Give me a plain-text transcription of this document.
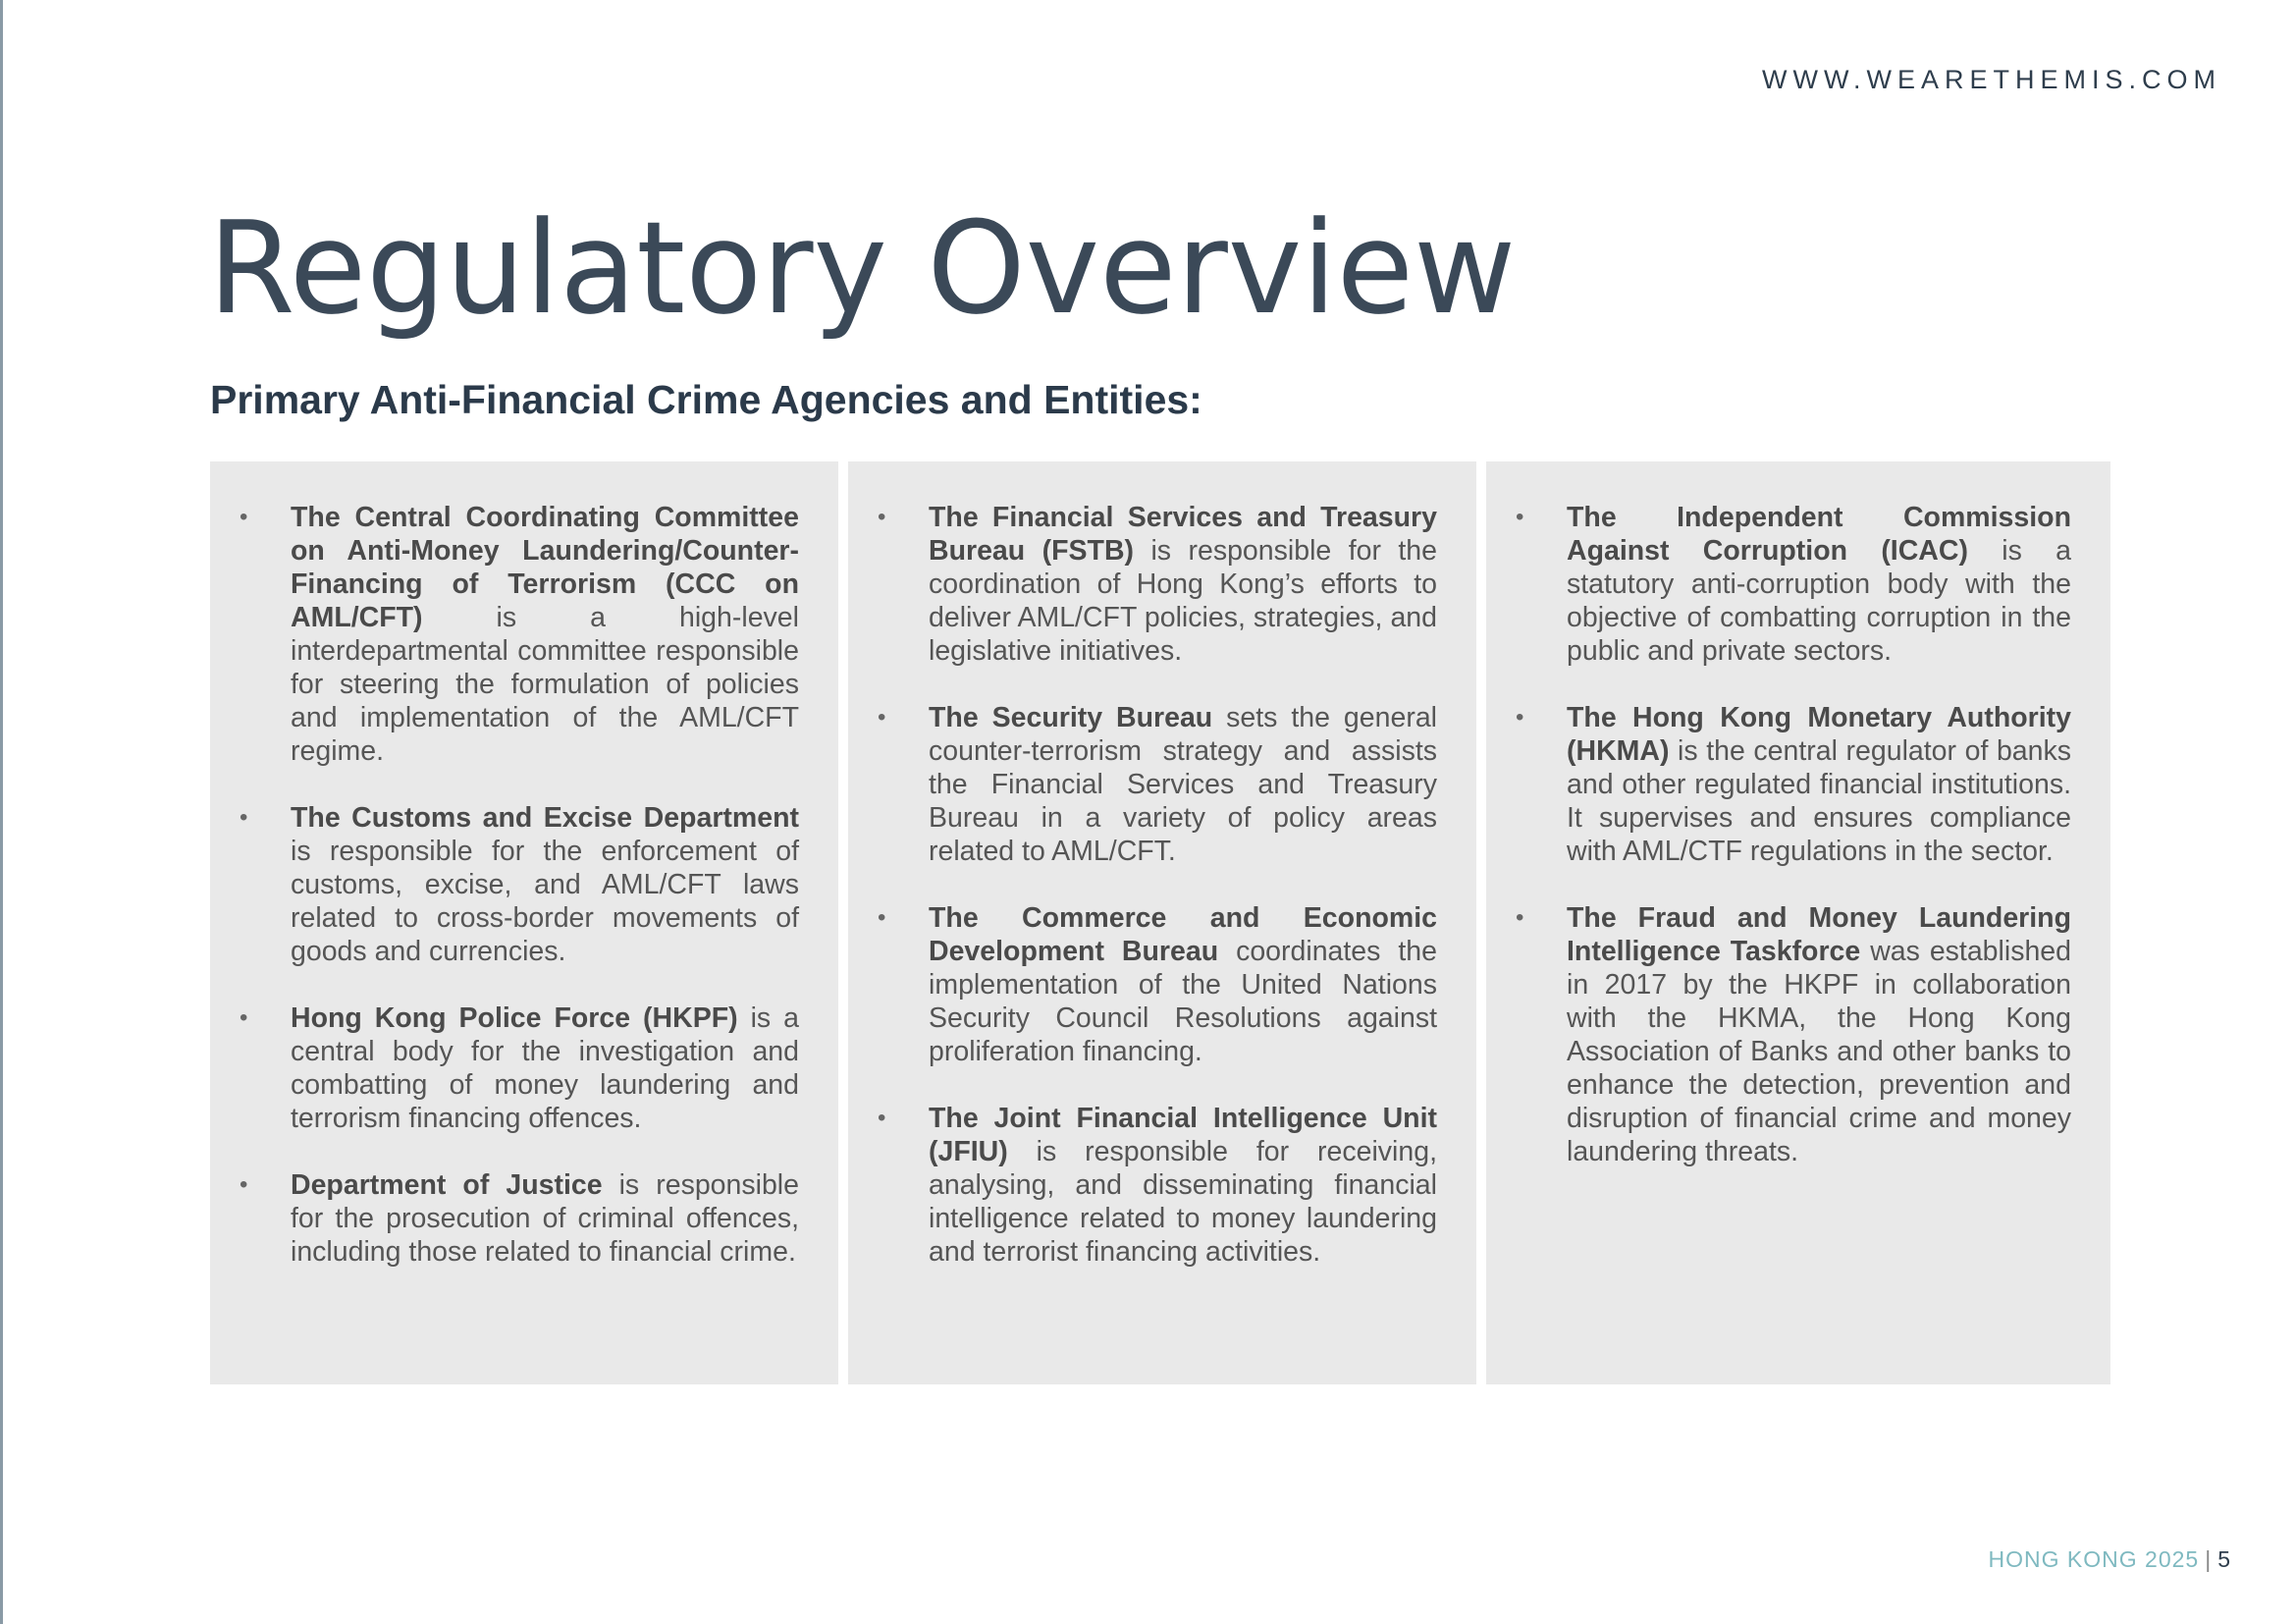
WWW.WEARETHEMIS.COM
Regulatory Overview
Primary Anti-Financial Crime Agencies and Entities:
• The Central Coordinating Committee on Anti-Money Laundering/Counter-Financing of Terrorism (CCC on AML/CFT) is a high-level interdepartmental committee responsible for steering the formulation of policies and implementation of the AML/CFT regime.
• The Customs and Excise Department is responsible for the enforcement of customs, excise, and AML/CFT laws related to cross-border movements of goods and currencies.
• Hong Kong Police Force (HKPF) is a central body for the investigation and combatting of money laundering and terrorism financing offences.
• Department of Justice is responsible for the prosecution of criminal offences, including those related to financial crime.
• The Financial Services and Treasury Bureau (FSTB) is responsible for the coordination of Hong Kong’s efforts to deliver AML/CFT policies, strategies, and legislative initiatives.
• The Security Bureau sets the general counter-terrorism strategy and assists the Financial Services and Treasury Bureau in a variety of policy areas related to AML/CFT.
• The Commerce and Economic Development Bureau coordinates the implementation of the United Nations Security Council Resolutions against proliferation financing.
• The Joint Financial Intelligence Unit (JFIU) is responsible for receiving, analysing, and disseminating financial intelligence related to money laundering and terrorist financing activities.
• The Independent Commission Against Corruption (ICAC) is a statutory anti-corruption body with the objective of combatting corruption in the public and private sectors.
• The Hong Kong Monetary Authority (HKMA) is the central regulator of banks and other regulated financial institutions. It supervises and ensures compliance with AML/CTF regulations in the sector.
• The Fraud and Money Laundering Intelligence Taskforce was established in 2017 by the HKPF in collaboration with the HKMA, the Hong Kong Association of Banks and other banks to enhance the detection, prevention and disruption of financial crime and money laundering threats.
HONG KONG 2025 | 5
